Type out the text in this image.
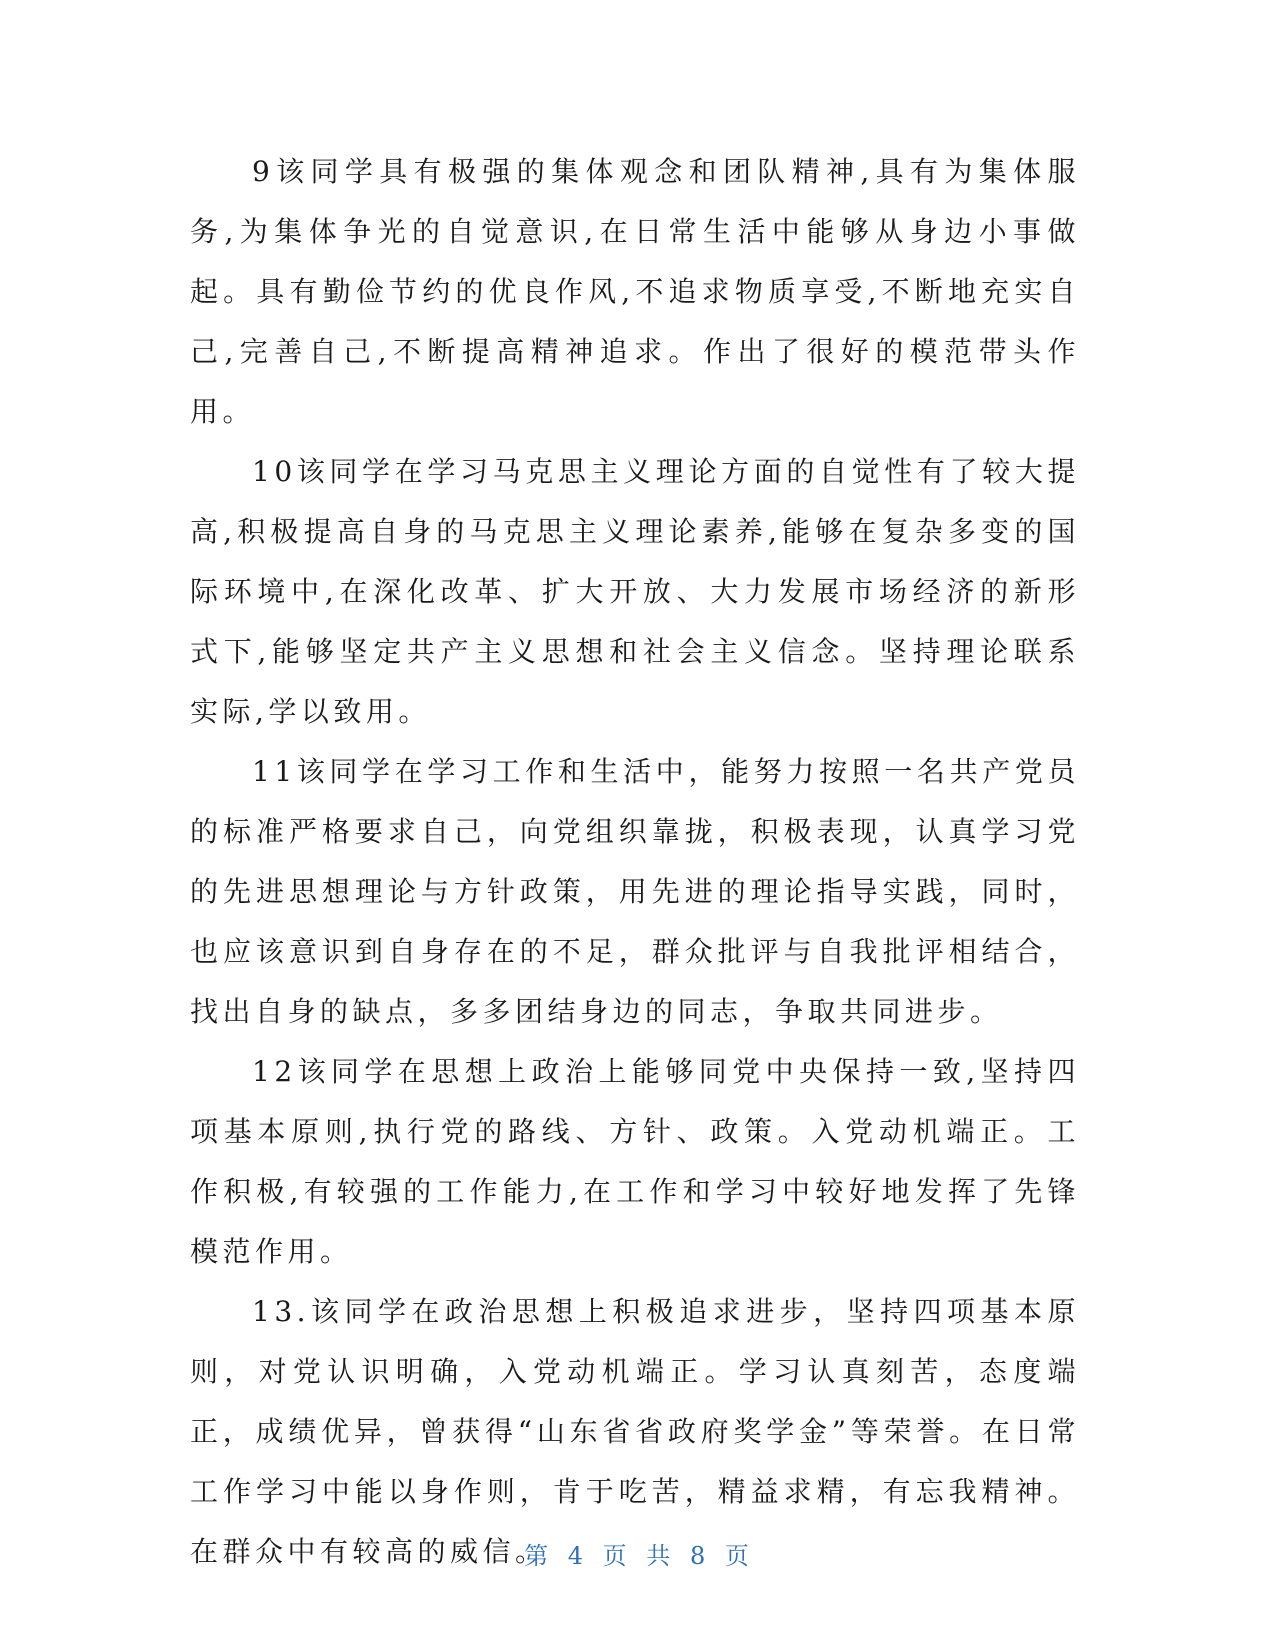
9该同学具有极强的集体观念和团队精神,具有为集体服务,为集体争光的自觉意识,在日常生活中能够从身边小事做起。具有勤俭节约的优良作风,不追求物质享受,不断地充实自己,完善自己,不断提高精神追求。作出了很好的模范带头作用。

10该同学在学习马克思主义理论方面的自觉性有了较大提高,积极提高自身的马克思主义理论素养,能够在复杂多变的国际环境中,在深化改革、扩大开放、大力发展市场经济的新形式下,能够坚定共产主义思想和社会主义信念。坚持理论联系实际,学以致用。

11该同学在学习工作和生活中，能努力按照一名共产党员的标准严格要求自己，向党组织靠拢，积极表现，认真学习党的先进思想理论与方针政策，用先进的理论指导实践，同时，也应该意识到自身存在的不足，群众批评与自我批评相结合，找出自身的缺点，多多团结身边的同志，争取共同进步。

12该同学在思想上政治上能够同党中央保持一致,坚持四项基本原则,执行党的路线、方针、政策。入党动机端正。工作积极,有较强的工作能力,在工作和学习中较好地发挥了先锋模范作用。

13.该同学在政治思想上积极追求进步，坚持四项基本原则，对党认识明确，入党动机端正。学习认真刻苦，态度端正，成绩优异，曾获得“山东省省政府奖学金”等荣誉。在日常工作学习中能以身作则，肯于吃苦，精益求精，有忘我精神。在群众中有较高的威信。

第 4 页 共 8 页
